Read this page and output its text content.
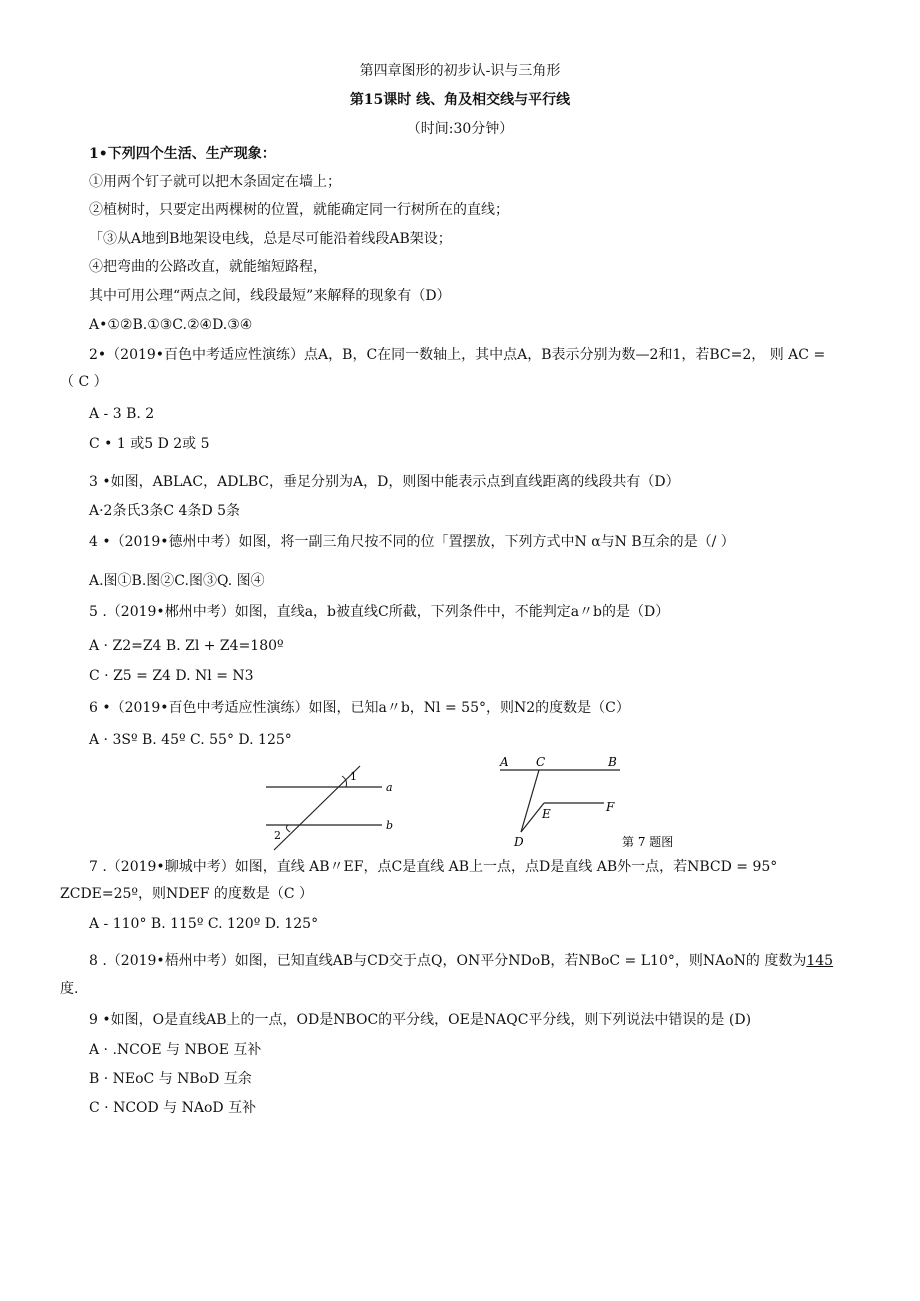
第四章图形的初步认-识与三角形
第15课时 线、角及相交线与平行线
（时间:30分钟）
1•下列四个生活、生产现象：
①用两个钉子就可以把木条固定在墙上；
②植树时，只要定出两棵树的位置，就能确定同一行树所在的直线；
「③从A地到B地架设电线，总是尽可能沿着线段AB架设；
④把弯曲的公路改直，就能缩短路程，
其中可用公理“两点之间，线段最短”来解释的现象有（D）
A•①②B.①③C.②④D.③④
2•（2019•百色中考适应性演练）点A，B，C在同一数轴上，其中点A，B表示分别为数—2和1，若BC=2， 则 AC =
（ C ）
A - 3 B. 2
C • 1 或5 D 2或 5
3 •如图，ABLAC，ADLBC，垂足分别为A，D，则图中能表示点到直线距离的线段共有（D）
A·2条氏3条C 4条D 5条
4 •（2019•德州中考）如图，将一副三角尺按不同的位「置摆放，下列方式中N α与N B互余的是（/ ）
A.图①B.图②C.图③Q. 图④
5 .（2019•郴州中考）如图，直线a，b被直线C所截，下列条件中，不能判定a〃b的是（D）
A · Z2=Z4 B. Zl + Z4=180º
C · Z5 = Z4 D. Nl = N3
6 •（2019•百色中考适应性演练）如图，已知a〃b，Nl = 55°，则N2的度数是（C）
A · 3Sº B. 45º C. 55° D. 125°
1
2
a
b
A C	B
F
E
D	第 7 题图
7 .（2019•聊城中考）如图，直线 AB〃EF，点C是直线 AB上一点，点D是直线 AB外一点，若NBCD = 95°
ZCDE=25º，则NDEF 的度数是（C ）
A - 110° B. 115º C. 120º D. 125°
8 .（2019•梧州中考）如图，已知直线AB与CD交于点Q，ON平分NDoB，若NBoC = L10°，则NAoN的 度数为145
度.
9 •如图，O是直线AB上的一点，OD是NBOC的平分线，OE是NAQC平分线，则下列说法中错误的是 (D)
A · .NCOE 与 NBOE 互补
B · NEoC 与 NBoD 互余
C · NCOD 与 NAoD 互补
